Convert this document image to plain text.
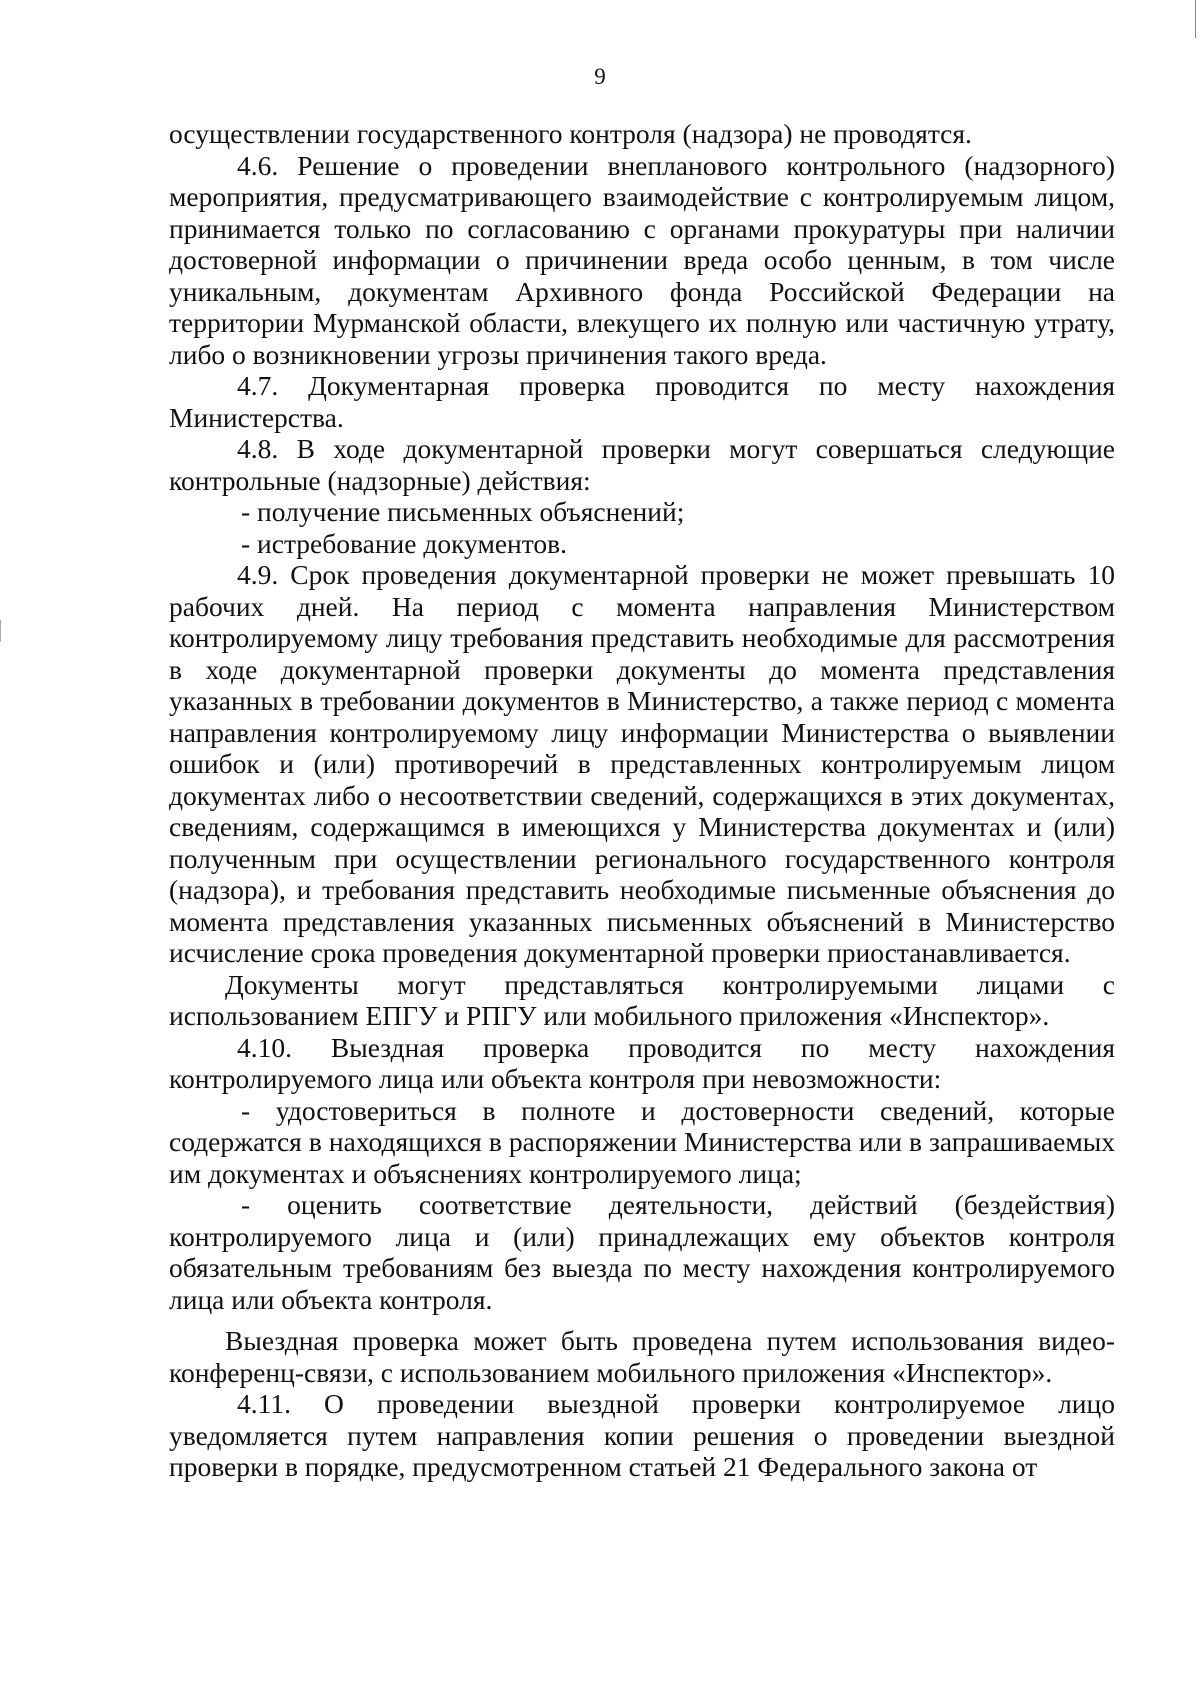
9

осуществлении государственного контроля (надзора) не проводятся.

4.6. Решение о проведении внепланового контрольного (надзорного) мероприятия, предусматривающего взаимодействие с контролируемым лицом, принимается только по согласованию с органами прокуратуры при наличии достоверной информации о причинении вреда особо ценным, в том числе уникальным, документам Архивного фонда Российской Федерации на территории Мурманской области, влекущего их полную или частичную утрату, либо о возникновении угрозы причинения такого вреда.

4.7. Документарная проверка проводится по месту нахождения Министерства.

4.8. В ходе документарной проверки могут совершаться следующие контрольные (надзорные) действия:

- получение письменных объяснений;

- истребование документов.

4.9. Срок проведения документарной проверки не может превышать 10 рабочих дней. На период с момента направления Министерством контролируемому лицу требования представить необходимые для рассмотрения в ходе документарной проверки документы до момента представления указанных в требовании документов в Министерство, а также период с момента направления контролируемому лицу информации Министерства о выявлении ошибок и (или) противоречий в представленных контролируемым лицом документах либо о несоответствии сведений, содержащихся в этих документах, сведениям, содержащимся в имеющихся у Министерства документах и (или) полученным при осуществлении регионального государственного контроля (надзора), и требования представить необходимые письменные объяснения до момента представления указанных письменных объяснений в Министерство исчисление срока проведения документарной проверки приостанавливается.

Документы могут представляться контролируемыми лицами с использованием ЕПГУ и РПГУ или мобильного приложения «Инспектор».

4.10. Выездная проверка проводится по месту нахождения контролируемого лица или объекта контроля при невозможности:

- удостовериться в полноте и достоверности сведений, которые содержатся в находящихся в распоряжении Министерства или в запрашиваемых им документах и объяснениях контролируемого лица;

- оценить соответствие деятельности, действий (бездействия) контролируемого лица и (или) принадлежащих ему объектов контроля обязательным требованиям без выезда по месту нахождения контролируемого лица или объекта контроля.

Выездная проверка может быть проведена путем использования видео-конференц-связи, с использованием мобильного приложения «Инспектор».

4.11. О проведении выездной проверки контролируемое лицо уведомляется путем направления копии решения о проведении выездной проверки в порядке, предусмотренном статьей 21 Федерального закона от
